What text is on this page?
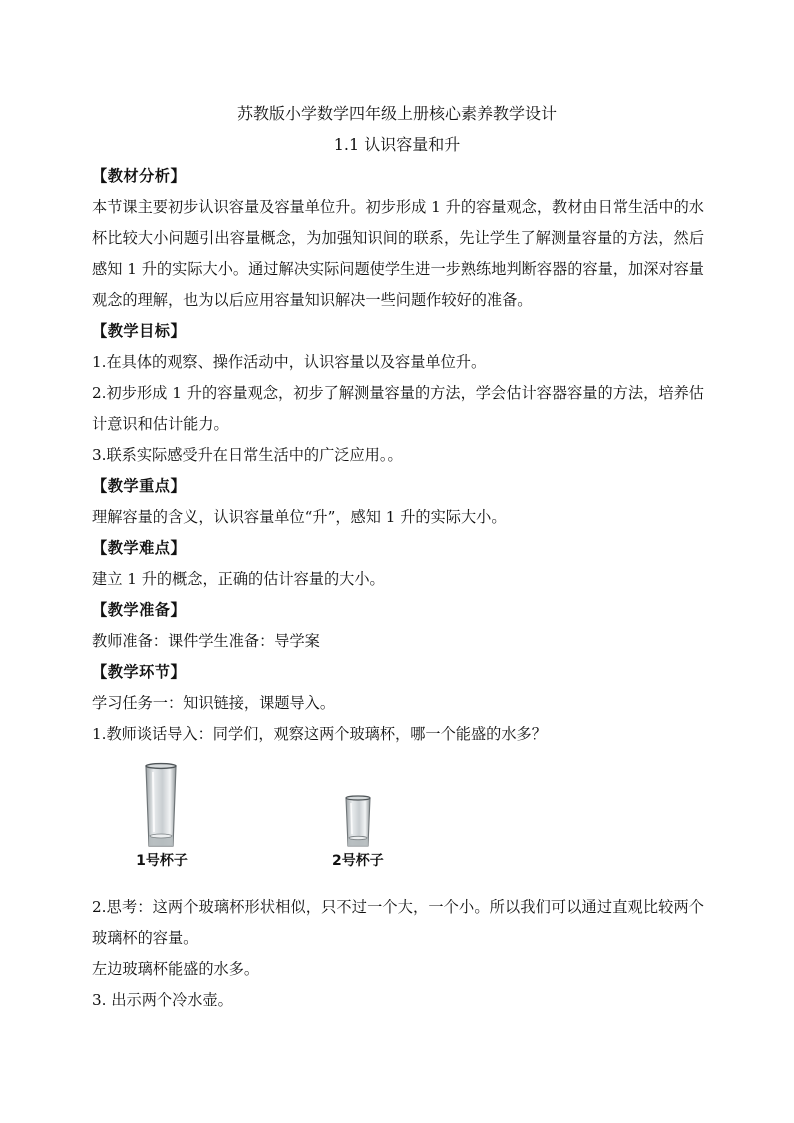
苏教版小学数学四年级上册核心素养教学设计
1.1 认识容量和升

【教材分析】

本节课主要初步认识容量及容量单位升。初步形成 1 升的容量观念，教材由日常生活中的水杯比较大小问题引出容量概念，为加强知识间的联系，先让学生了解测量容量的方法，然后感知 1 升的实际大小。通过解决实际问题使学生进一步熟练地判断容器的容量，加深对容量观念的理解，也为以后应用容量知识解决一些问题作较好的准备。

【教学目标】

1.在具体的观察、操作活动中，认识容量以及容量单位升。

2.初步形成 1 升的容量观念，初步了解测量容量的方法，学会估计容器容量的方法，培养估计意识和估计能力。

3.联系实际感受升在日常生活中的广泛应用。。

【教学重点】

理解容量的含义，认识容量单位“升”，感知 1 升的实际大小。

【教学难点】

建立 1 升的概念，正确的估计容量的大小。

【教学准备】

教师准备：课件学生准备：导学案

【教学环节】

学习任务一：知识链接，课题导入。

1.教师谈话导入：同学们，观察这两个玻璃杯，哪一个能盛的水多？

1号杯子	2号杯子

2.思考：这两个玻璃杯形状相似，只不过一个大，一个小。所以我们可以通过直观比较两个玻璃杯的容量。

左边玻璃杯能盛的水多。

3. 出示两个冷水壶。
